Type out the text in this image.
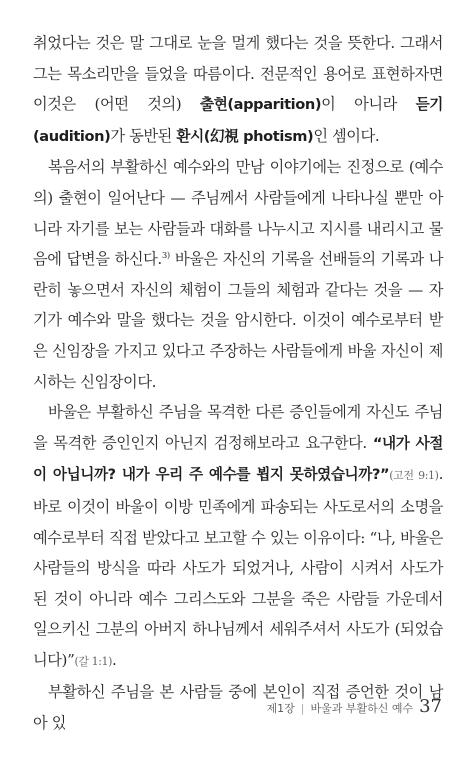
취었다는 것은 말 그대로 눈을 멀게 했다는 것을 뜻한다. 그래서 그는 목소리만을 들었을 따름이다. 전문적인 용어로 표현하자면 이것은 (어떤 것의) 출현(apparition)이 아니라 듣기(audition)가 동반된 환시(幻視 photism)인 셈이다.

복음서의 부활하신 예수와의 만남 이야기에는 진정으로 (예수의) 출현이 일어난다 — 주님께서 사람들에게 나타나실 뿐만 아니라 자기를 보는 사람들과 대화를 나누시고 지시를 내리시고 물음에 답변을 하신다.$^{3)}$ 바울은 자신의 기록을 선배들의 기록과 나란히 놓으면서 자신의 체험이 그들의 체험과 같다는 것을 — 자기가 예수와 말을 했다는 것을 암시한다. 이것이 예수로부터 받은 신임장을 가지고 있다고 주장하는 사람들에게 바울 자신이 제시하는 신임장이다.

바울은 부활하신 주님을 목격한 다른 증인들에게 자신도 주님을 목격한 증인인지 아닌지 검정해보라고 요구한다. “내가 사절이 아닙니까? 내가 우리 주 예수를 뵙지 못하였습니까?”(고전 9:1). 바로 이것이 바울이 이방 민족에게 파송되는 사도로서의 소명을 예수로부터 직접 받았다고 보고할 수 있는 이유이다: “나, 바울은 사람들의 방식을 따라 사도가 되었거나, 사람이 시켜서 사도가 된 것이 아니라 예수 그리스도와 그분을 죽은 사람들 가운데서 일으키신 그분의 아버지 하나님께서 세워주셔서 사도가 (되었습니다)”(갈 1:1).

부활하신 주님을 본 사람들 중에 본인이 직접 증언한 것이 남아 있

제1장 | 바울과 부활하신 예수 37
